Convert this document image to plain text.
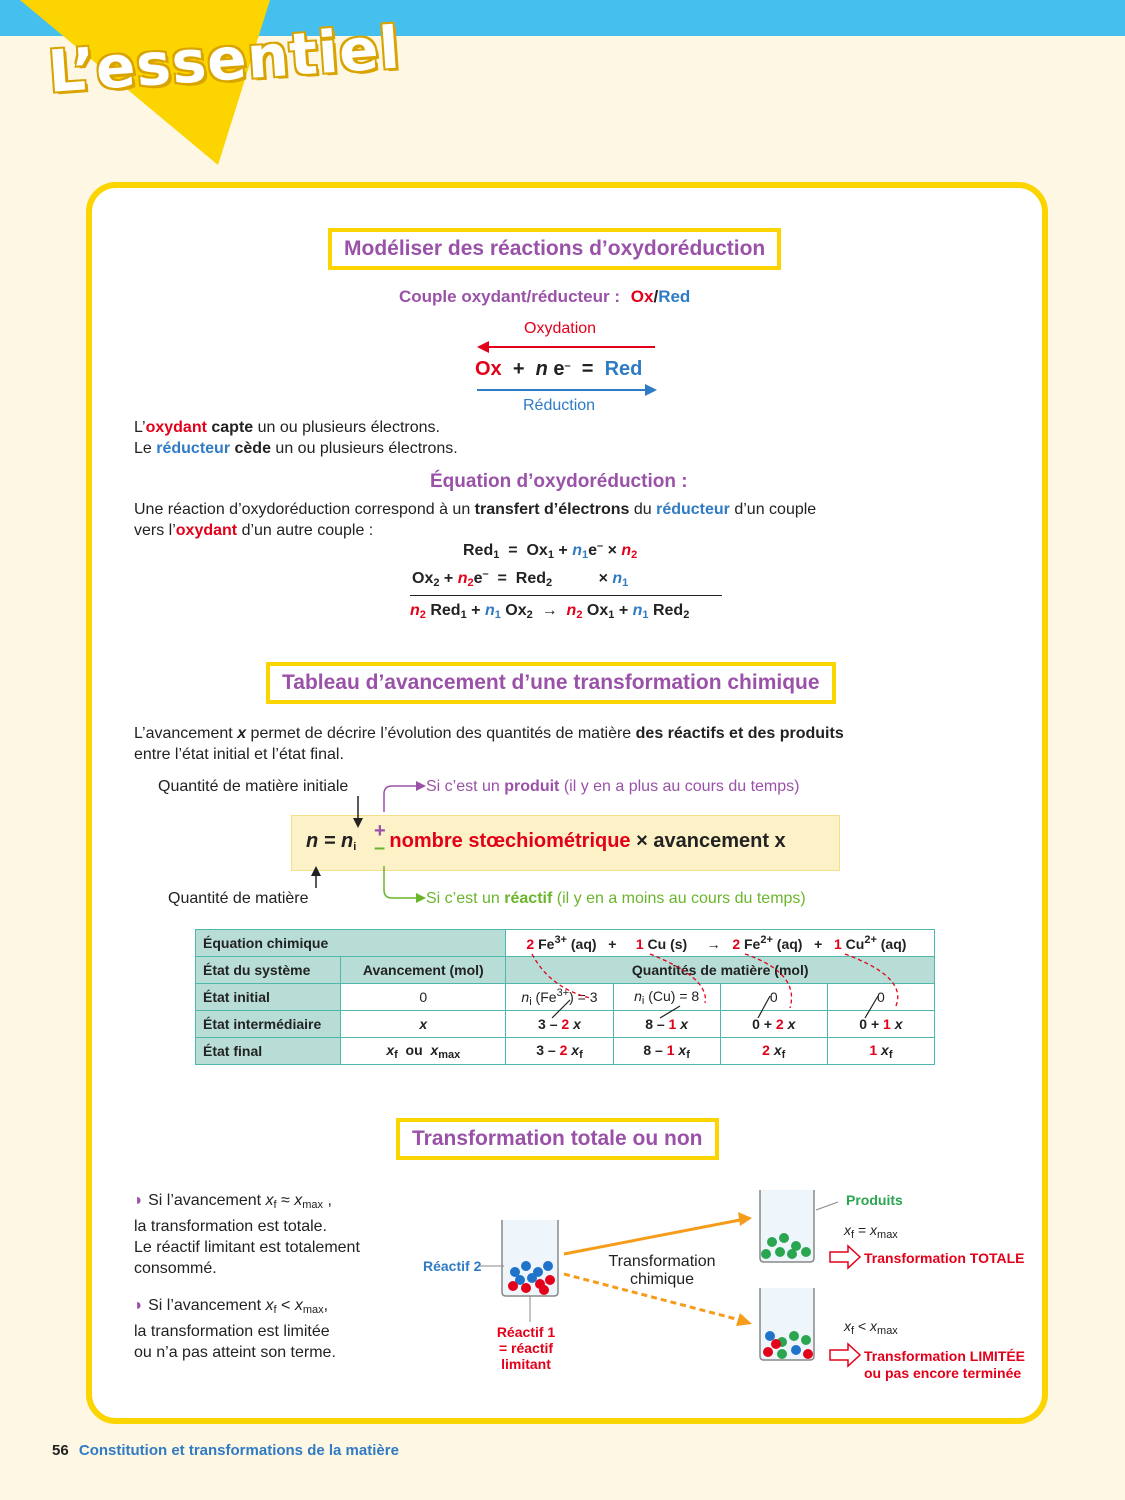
L’essentiel
Modéliser des réactions d’oxydoréduction
Couple oxydant/réducteur : Ox/Red
Oxydation
Ox + n e– = Red
Réduction
L’oxydant capte un ou plusieurs électrons.
Le réducteur cède un ou plusieurs électrons.
Équation d’oxydoréduction :
Une réaction d’oxydoréduction correspond à un transfert d’électrons du réducteur d’un couple
vers l’oxydant d’un autre couple :
$Red_1 = Ox_1 + n_1e^- \times n_2$
$Ox_2 + n_2e^- = Red_2$	× $n_1$
$n_2$ $Red_1 + n_1$ $Ox_2 \to n_2$ $Ox_1 + n_1$ Red$_2$
Tableau d’avancement d’une transformation chimique
L’avancement x permet de décrire l’évolution des quantités de matière des réactifs et des produits
entre l’état initial et l’état final.
Quantité de matière initiale
Quantité de matière
$n = n_i$ nombre stœchiométrique × avancement x
+
–
Si c’est un produit (il y en a plus au cours du temps)
Si c’est un réactif (il y en a moins au cours du temps)
Équation chimique		2 $Fe^{3+}$ (aq)   +     1 Cu (s)     →   2 $Fe^{2+}$ (aq)   +   1 $Cu^{2+}$ (aq)			
État du système	Avancement (mol)	Quantités de matière (mol)			
État initial	0	$n_i$ $(Fe^{3+}) = 3$	$n_i$ (Cu) = 8	0	0
État intermédiaire	x	3 – 2 x	8 – 1 x	0 + 2 x	0 + 1 x
État final	$x_f$  ou  $x_{max}$	3 – 2 $x_f$	8 – 1 $x_f$	2 $x_f$	1 $x_f$
Transformation totale ou non
◗ Si l’avancement $x_f \approx x_{max}$ ,
la transformation est totale.
Le réactif limitant est totalement
consommé.
◗ Si l’avancement $x_f < x_{max}$,
la transformation est limitée
ou n’a pas atteint son terme.
Réactif 2
Réactif 1
= réactif limitant
Transformation
chimique
Produits
$x_f = x_{max}$
Transformation TOTALE
$x_f < x_{max}$
Transformation LIMITÉE
ou pas encore terminée
56 Constitution et transformations de la matière
